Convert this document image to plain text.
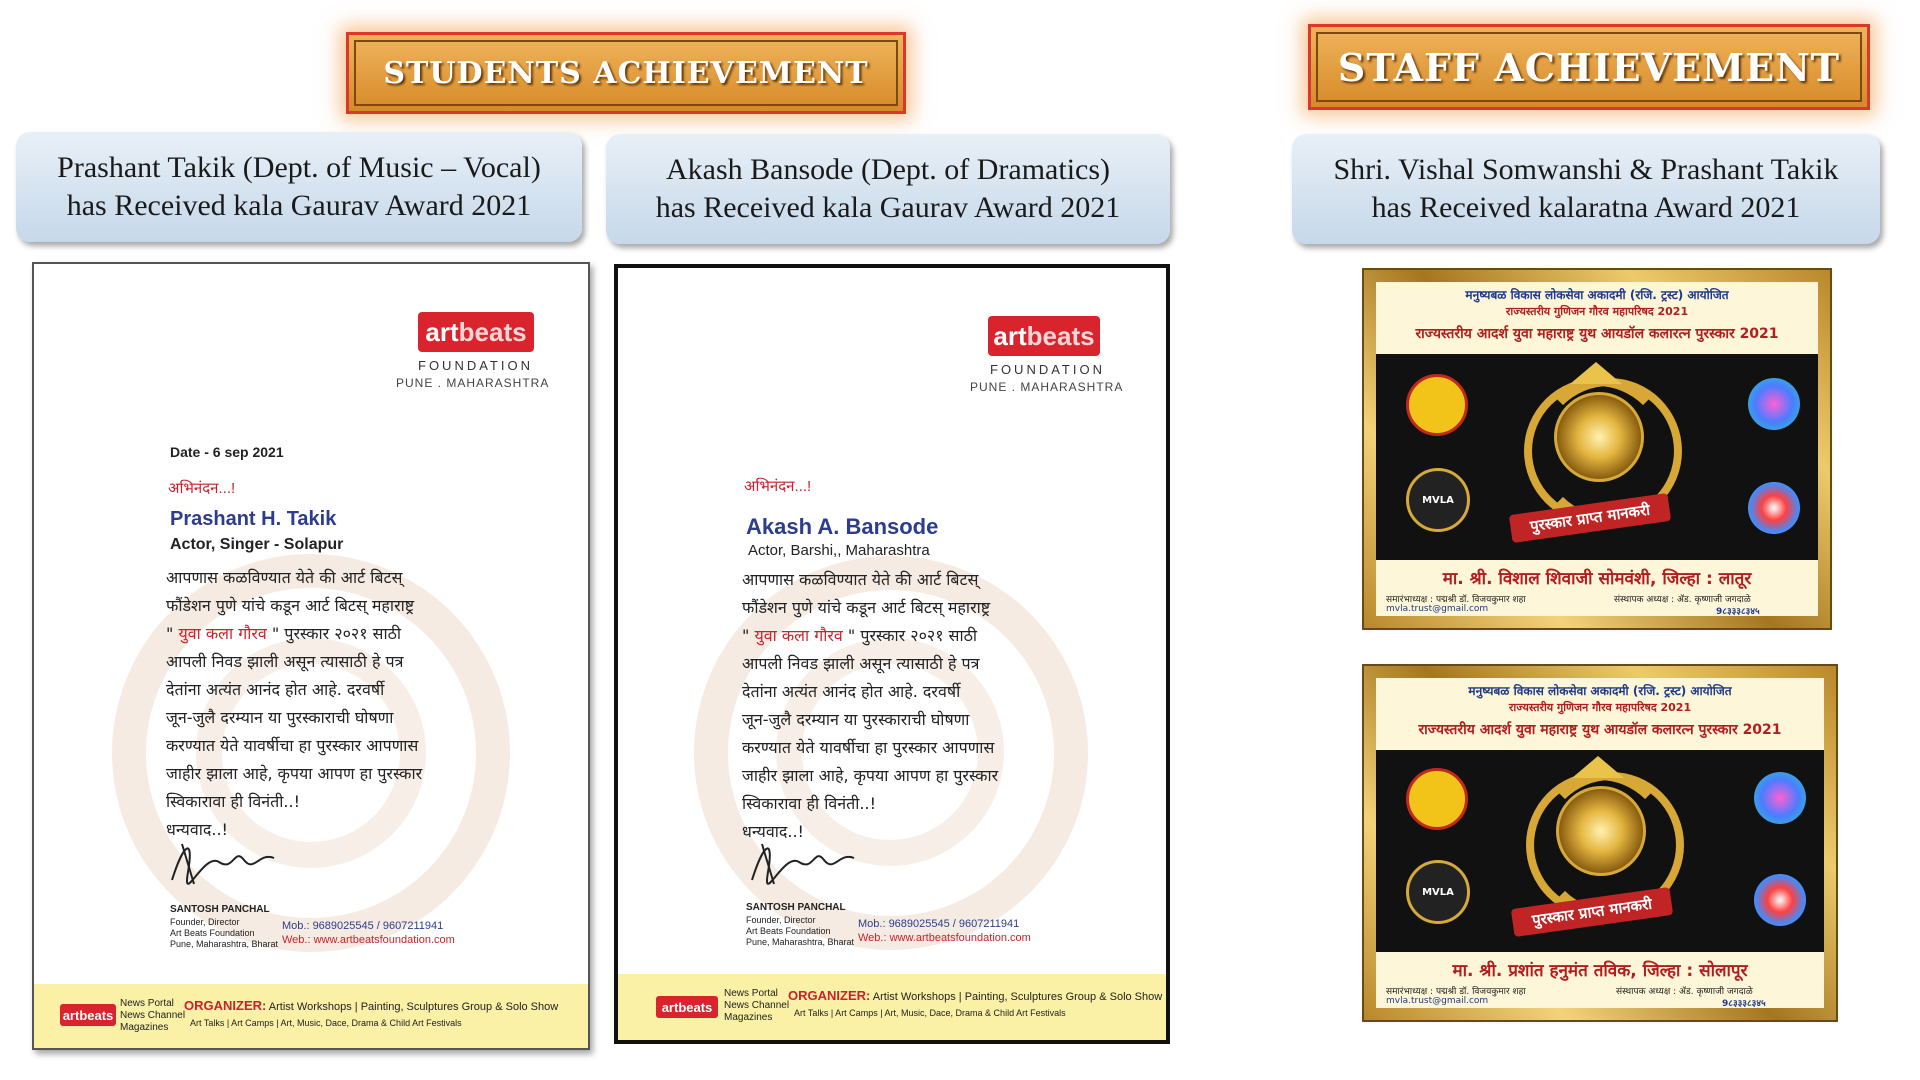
STUDENTS ACHIEVEMENT	STAFF ACHIEVEMENT
Prashant Takik (Dept. of Music – Vocal)
has Received kala Gaurav Award 2021
Akash Bansode (Dept. of Dramatics)
has Received kala Gaurav Award 2021
Shri. Vishal Somwanshi & Prashant Takik
has Received kalaratna Award 2021
art beats
FOUNDATION
PUNE . MAHARASHTRA
Date - 6 sep 2021
अभिनंदन...!
Prashant H. Takik
Actor, Singer - Solapur
आपणास कळविण्यात येते की आर्ट बिटस्
फौंडेशन पुणे यांचे कडून आर्ट बिटस् महाराष्ट्र
" युवा कला गौरव " पुरस्कार २०२१ साठी
आपली निवड झाली असून त्यासाठी हे पत्र
देतांना अत्यंत आनंद होत आहे. दरवर्षी
जून-जुलै दरम्यान या पुरस्काराची घोषणा
करण्यात येते यावर्षीचा हा पुरस्कार आपणास
जाहीर झाला आहे, कृपया आपण हा पुरस्कार
स्विकारावा ही विनंती..!
धन्यवाद..!
SANTOSH PANCHAL
Founder, Director
Art Beats Foundation
Pune, Maharashtra, Bharat
Mob.: 9689025545 / 9607211941
Web.: www.artbeatsfoundation.com
artbeats
News Portal
News Channel
Magazines
ORGANIZER: Artist Workshops | Painting, Sculptures Group & Solo Show
Art Talks | Art Camps | Art, Music, Dace, Drama & Child Art Festivals
art beats
FOUNDATION
PUNE . MAHARASHTRA
अभिनंदन...!
Akash A. Bansode
Actor, Barshi,, Maharashtra
आपणास कळविण्यात येते की आर्ट बिटस्
फौंडेशन पुणे यांचे कडून आर्ट बिटस् महाराष्ट्र
" युवा कला गौरव " पुरस्कार २०२१ साठी
आपली निवड झाली असून त्यासाठी हे पत्र
देतांना अत्यंत आनंद होत आहे. दरवर्षी
जून-जुलै दरम्यान या पुरस्काराची घोषणा
करण्यात येते यावर्षीचा हा पुरस्कार आपणास
जाहीर झाला आहे, कृपया आपण हा पुरस्कार
स्विकारावा ही विनंती..!
धन्यवाद..!
SANTOSH PANCHAL
Founder, Director
Art Beats Foundation
Pune, Maharashtra, Bharat
Mob.: 9689025545 / 9607211941
Web.: www.artbeatsfoundation.com
artbeats
News Portal
News Channel
Magazines
ORGANIZER: Artist Workshops | Painting, Sculptures Group & Solo Show
Art Talks | Art Camps | Art, Music, Dace, Drama & Child Art Festivals
मनुष्यबळ विकास लोकसेवा अकादमी (रजि. ट्रस्ट) आयोजित
राज्यस्तरीय गुणिजन गौरव महापरिषद 2021
राज्यस्तरीय आदर्श युवा महाराष्ट्र युथ आयडॉल कलारत्न पुरस्कार 2021
MVLA
पुरस्कार प्राप्त मानकरी
मा. श्री. विशाल शिवाजी सोमवंशी, जिल्हा : लातूर
समारंभाध्यक्ष : पद्मश्री डॉ. विजयकुमार शहा	संस्थापक अध्यक्ष : ॲड. कृष्णाजी जगदाळे
mvla.trust@gmail.com	9८३३३८३४५
मनुष्यबळ विकास लोकसेवा अकादमी (रजि. ट्रस्ट) आयोजित
राज्यस्तरीय गुणिजन गौरव महापरिषद 2021
राज्यस्तरीय आदर्श युवा महाराष्ट्र युथ आयडॉल कलारत्न पुरस्कार 2021
MVLA
पुरस्कार प्राप्त मानकरी
मा. श्री. प्रशांत हनुमंत तविक, जिल्हा : सोलापूर
समारंभाध्यक्ष : पद्मश्री डॉ. विजयकुमार शहा	संस्थापक अध्यक्ष : ॲड. कृष्णाजी जगदाळे
mvla.trust@gmail.com	9८३३३८३४५
